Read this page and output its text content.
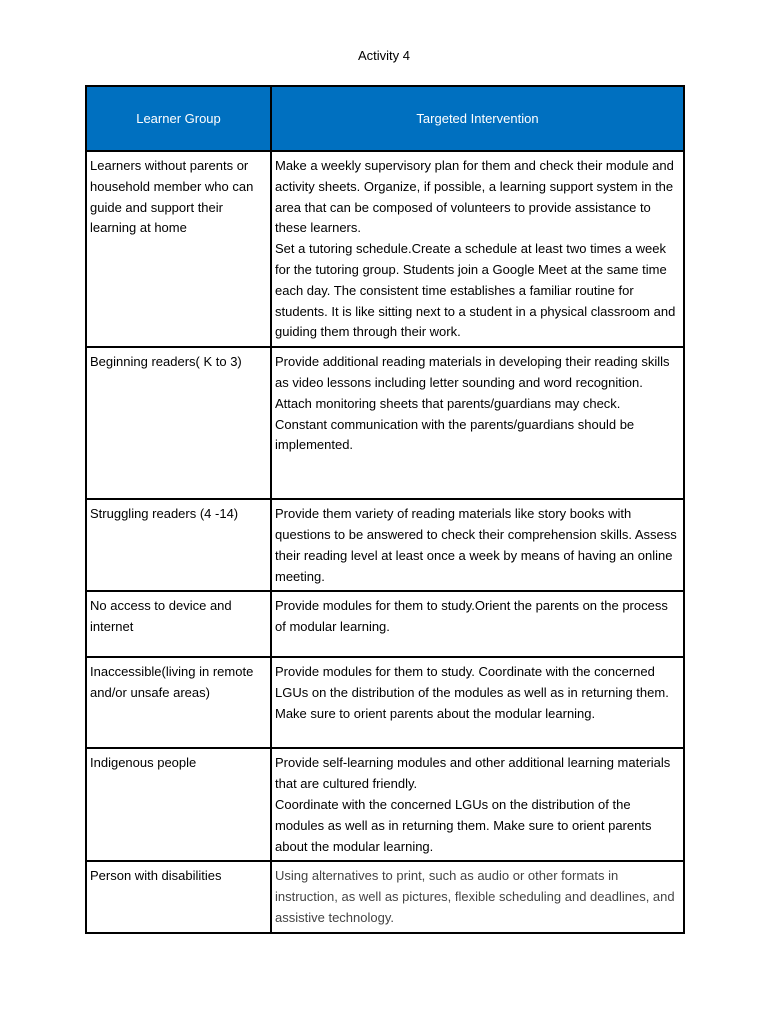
Activity 4
Learner Group	Targeted Intervention
Learners without parents or household member who can guide and support their learning at home	Make a weekly supervisory plan for them and check their module and activity sheets. Organize, if possible, a learning support system in the area that can be composed of volunteers to provide assistance to these learners.
Set a tutoring schedule.Create a schedule at least two times a week for the tutoring group. Students join a Google Meet at the same time each day. The consistent time establishes a familiar routine for students. It is like sitting next to a student in a physical classroom and guiding them through their work.
Beginning readers( K to 3)	Provide additional reading materials in developing their reading skills as video lessons including letter sounding and word recognition.
Attach monitoring sheets that parents/guardians may check.
Constant communication with the parents/guardians should be implemented.
Struggling readers (4 -14)	Provide them variety of reading materials like story books with questions to be answered to check their comprehension skills. Assess their reading level at least once a week by means of having an online meeting.
No access to device and internet	Provide modules for them to study.Orient the parents on the process of modular learning.
Inaccessible(living in remote and/or unsafe areas)	Provide modules for them to study. Coordinate with the concerned LGUs on the distribution of the modules as well as in returning them. Make sure to orient parents about the modular learning.
Indigenous people	Provide self-learning modules and other additional learning materials that are cultured friendly.
Coordinate with the concerned LGUs on the distribution of the modules as well as in returning them. Make sure to orient parents about the modular learning.
Person with disabilities	Using alternatives to print, such as audio or other formats in instruction, as well as pictures, flexible scheduling and deadlines, and assistive technology.
